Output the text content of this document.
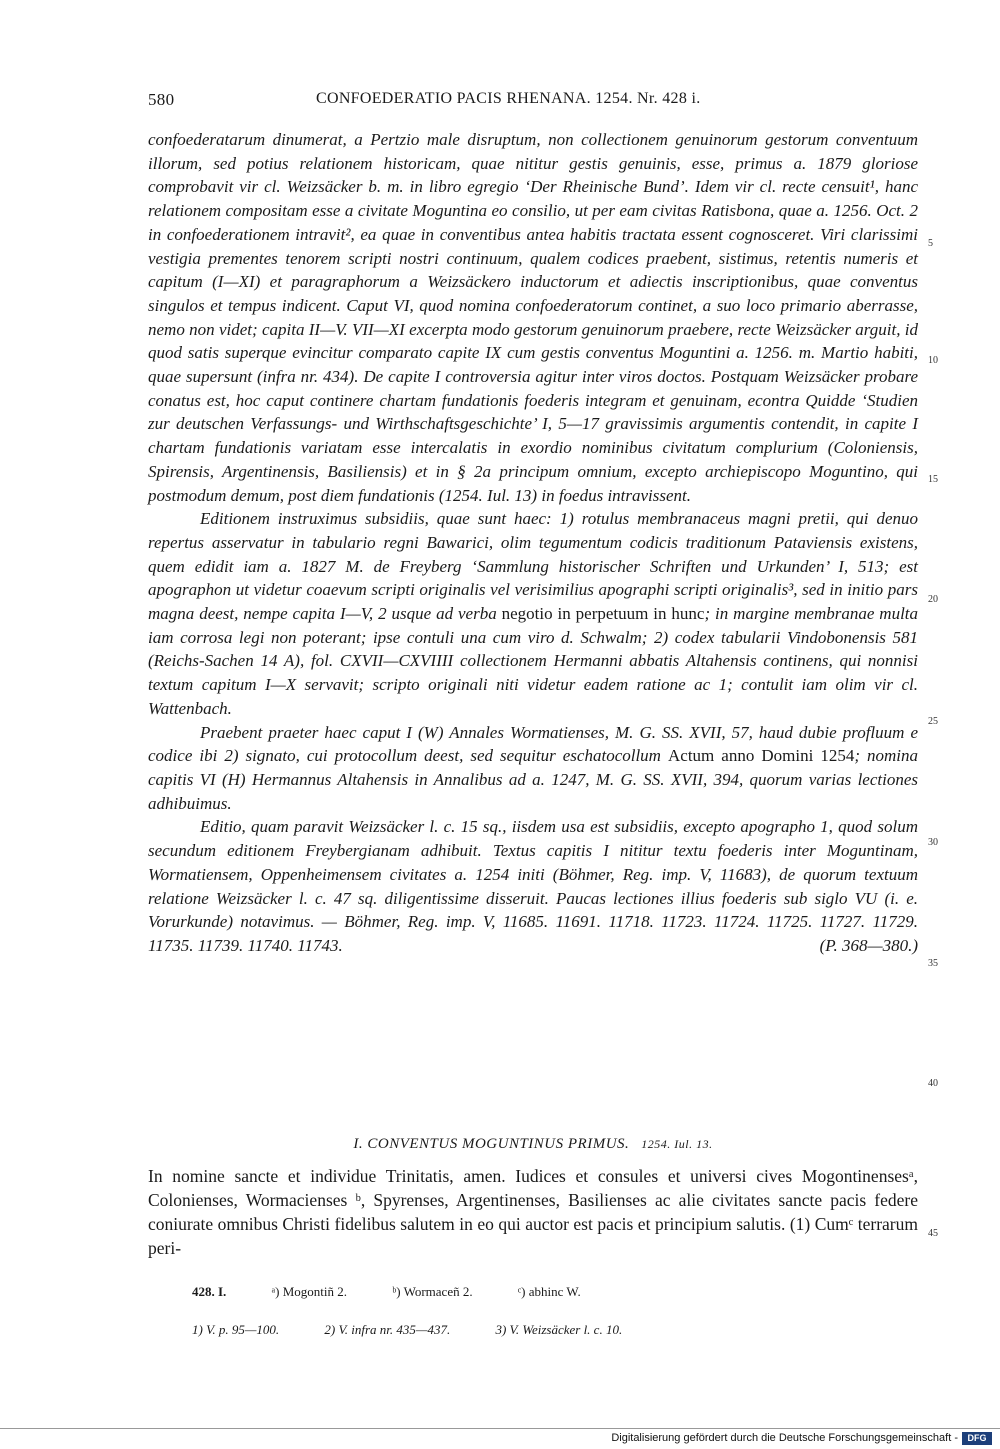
580	CONFOEDERATIO PACIS RHENANA. 1254. Nr. 428 i.

confoederatarum dinumerat, a Pertzio male disruptum, non collectionem genuinorum gestorum conventuum illorum, sed potius relationem historicam, quae nititur gestis genuinis, esse, primus a. 1879 gloriose comprobavit vir cl. Weizsäcker b. m. in libro egregio ‘Der Rheinische Bund’. Idem vir cl. recte censuit¹, hanc relationem compositam esse a civitate Moguntina eo consilio, ut per eam civitas Ratisbona, quae a. 1256. Oct. 2 in confoederationem intravit², ea quae in conventibus antea habitis tractata essent cognosceret. Viri clarissimi vestigia prementes tenorem scripti nostri continuum, qualem codices praebent, sistimus, retentis numeris et capitum (I—XI) et paragraphorum a Weizsäckero inductorum et adiectis inscriptionibus, quae conventus singulos et tempus indicent. Caput VI, quod nomina confoederatorum continet, a suo loco primario aberrasse, nemo non videt; capita II—V. VII—XI excerpta modo gestorum genuinorum praebere, recte Weizsäcker arguit, id quod satis superque evincitur comparato capite IX cum gestis conventus Moguntini a. 1256. m. Martio habiti, quae supersunt (infra nr. 434). De capite I controversia agitur inter viros doctos. Postquam Weizsäcker probare conatus est, hoc caput continere chartam fundationis foederis integram et genuinam, econtra Quidde ‘Studien zur deutschen Verfassungs- und Wirthschaftsgeschichte’ I, 5—17 gravissimis argumentis contendit, in capite I chartam fundationis variatam esse intercalatis in exordio nominibus civitatum complurium (Coloniensis, Spirensis, Argentinensis, Basiliensis) et in § 2a principum omnium, excepto archiepiscopo Moguntino, qui postmodum demum, post diem fundationis (1254. Iul. 13) in foedus intravissent.

Editionem instruximus subsidiis, quae sunt haec: 1) rotulus membranaceus magni pretii, qui denuo repertus asservatur in tabulario regni Bawarici, olim tegumentum codicis traditionum Pataviensis existens, quem edidit iam a. 1827 M. de Freyberg ‘Sammlung historischer Schriften und Urkunden’ I, 513; est apographon ut videtur coaevum scripti originalis vel verisimilius apographi scripti originalis³, sed in initio pars magna deest, nempe capita I—V, 2 usque ad verba negotio in perpetuum in hunc; in margine membranae multa iam corrosa legi non poterant; ipse contuli una cum viro d. Schwalm; 2) codex tabularii Vindobonensis 581 (Reichs-Sachen 14 A), fol. CXVII—CXVIIII collectionem Hermanni abbatis Altahensis continens, qui nonnisi textum capitum I—X servavit; scripto originali niti videtur eadem ratione ac 1; contulit iam olim vir cl. Wattenbach.

Praebent praeter haec caput I (W) Annales Wormatienses, M. G. SS. XVII, 57, haud dubie profluum e codice ibi 2) signato, cui protocollum deest, sed sequitur eschatocollum Actum anno Domini 1254; nomina capitis VI (H) Hermannus Altahensis in Annalibus ad a. 1247, M. G. SS. XVII, 394, quorum varias lectiones adhibuimus.

Editio, quam paravit Weizsäcker l. c. 15 sq., iisdem usa est subsidiis, excepto apographo 1, quod solum secundum editionem Freybergianam adhibuit. Textus capitis I nititur textu foederis inter Moguntinam, Wormatiensem, Oppenheimensem civitates a. 1254 initi (Böhmer, Reg. imp. V, 11683), de quorum textuum relatione Weizsäcker l. c. 47 sq. diligentissime disseruit. Paucas lectiones illius foederis sub siglo VU (i. e. Vorurkunde) notavimus. — Böhmer, Reg. imp. V, 11685. 11691. 11718. 11723. 11724. 11725. 11727. 11729. 11735. 11739. 11740. 11743.	(P. 368—380.)

5
10
15
20
25
30
35
40
45
I. CONVENTUS MOGUNTINUS PRIMUS. 1254. Iul. 13.

In nomine sancte et individue Trinitatis, amen. Iudices et consules et universi cives Mogontinensesᵃ, Colonienses, Wormacienses ᵇ, Spyrenses, Argentinenses, Basilienses ac alie civitates sancte pacis federe coniurate omnibus Christi fidelibus salutem in eo qui auctor est pacis et principium salutis. (1) Cumᶜ terrarum peri-

428. I.	ᵃ) Mogontiñ 2.	ᵇ) Wormaceñ 2.	ᶜ) abhinc W.
1) V. p. 95—100.	2) V. infra nr. 435—437.	3) V. Weizsäcker l. c. 10.
Digitalisierung gefördert durch die Deutsche Forschungsgemeinschaft -	DFG
